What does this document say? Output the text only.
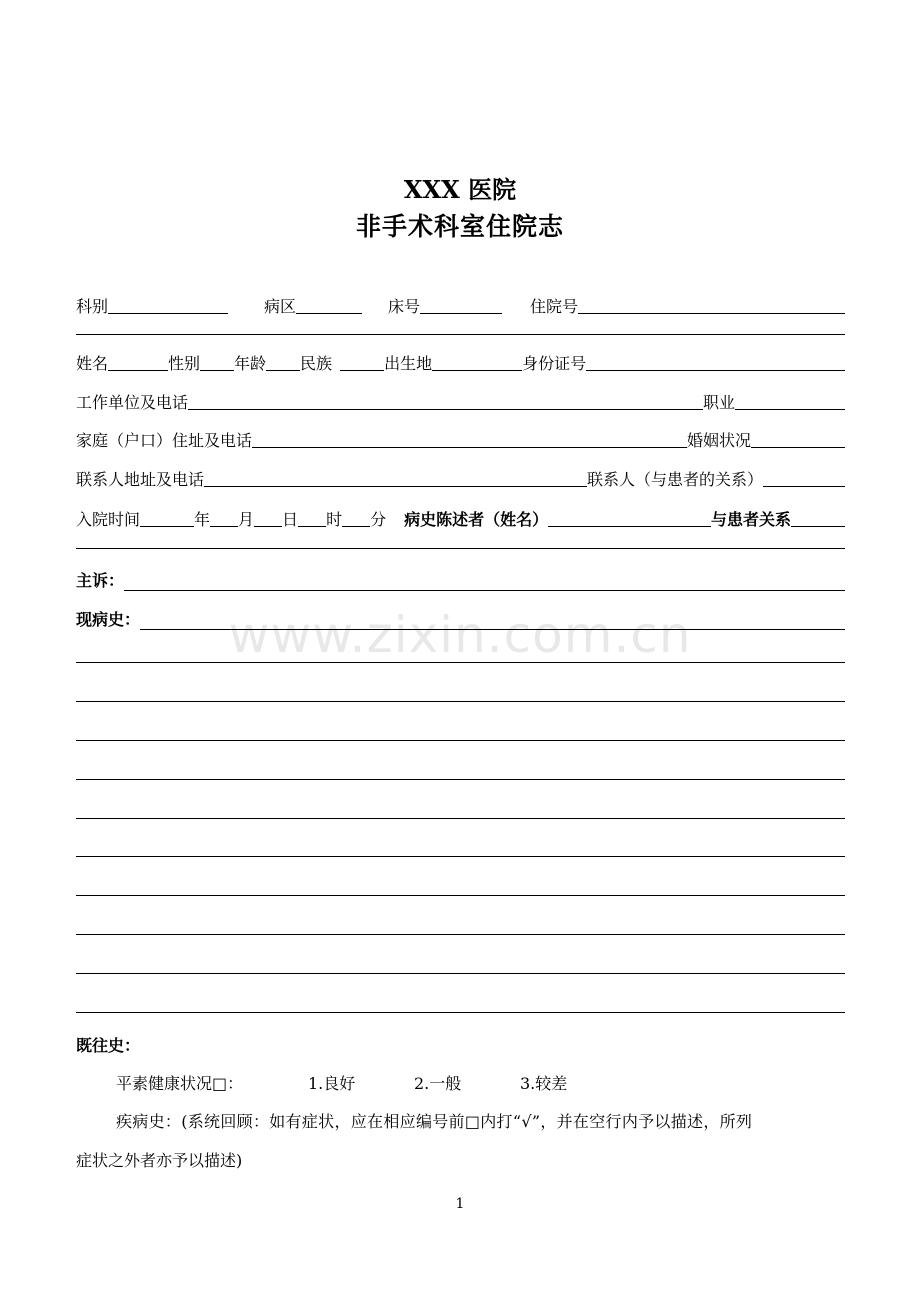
XXX 医院
非手术科室住院志
科别	病区	床号	住院号
姓名	性别 年龄 民族	出生地	身份证号
工作单位及电话	职业
家庭（户口）住址及电话	婚姻状况
联系人地址及电话	联系人（与患者的关系）
入院时间	年 月 日 时 分 病史陈述者（姓名）	与患者关系
主诉：
现病史：	www.zixin.com.cn
既往史：
平素健康状况□：	1.良好	2.一般	3.较差
疾病史：(系统回顾：如有症状，应在相应编号前□内打“√”，并在空行内予以描述，所列
症状之外者亦予以描述)
1
